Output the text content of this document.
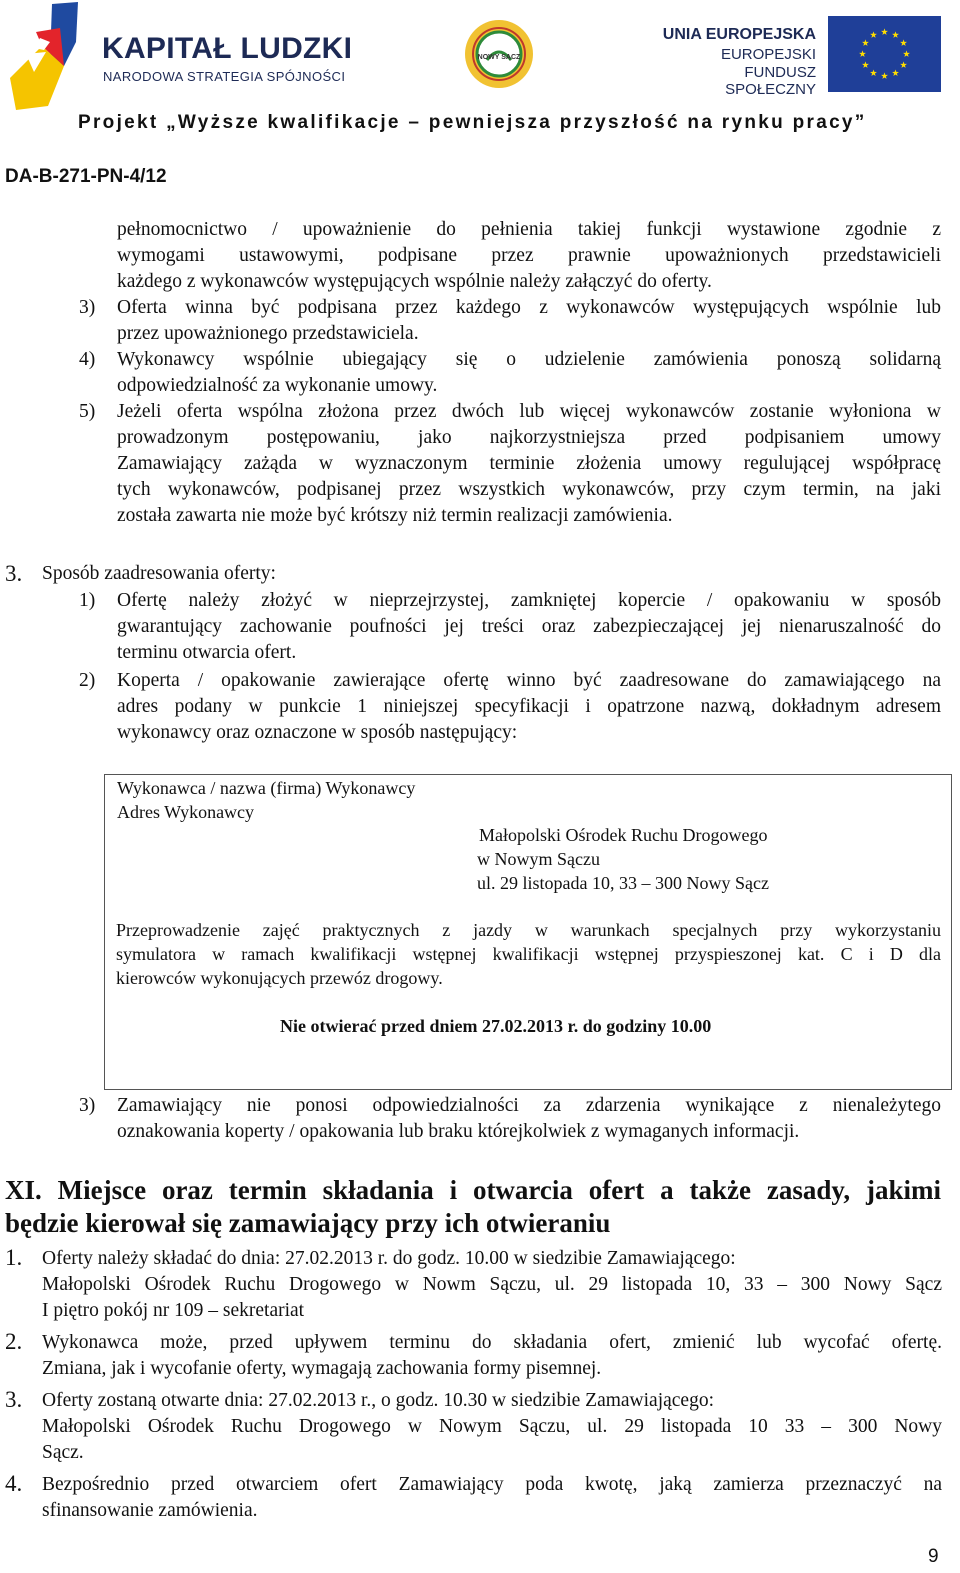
KAPITAŁ LUDZKI
NARODOWA STRATEGIA SPÓJNOŚCI
NOWY SĄCZ
UNIA EUROPEJSKA
EUROPEJSKI
FUNDUSZ SPOŁECZNY
Projekt „Wyższe kwalifikacje – pewniejsza przyszłość na rynku pracy”
DA-B-271-PN-4/12
pełnomocnictwo / upoważnienie do pełnienia takiej funkcji wystawione zgodnie z
wymogami ustawowymi, podpisane przez prawnie upoważnionych przedstawicieli
każdego z wykonawców występujących wspólnie należy załączyć do oferty.
3) Oferta winna być podpisana przez każdego z wykonawców występujących wspólnie lub
przez upoważnionego przedstawiciela.
4) Wykonawcy wspólnie ubiegający się o udzielenie zamówienia ponoszą solidarną
odpowiedzialność za wykonanie umowy.
5) Jeżeli oferta wspólna złożona przez dwóch lub więcej wykonawców zostanie wyłoniona w
prowadzonym postępowaniu, jako najkorzystniejsza przed podpisaniem umowy
Zamawiający zażąda w wyznaczonym terminie złożenia umowy regulującej współpracę
tych wykonawców, podpisanej przez wszystkich wykonawców, przy czym termin, na jaki
została zawarta nie może być krótszy niż termin realizacji zamówienia.
3. Sposób zaadresowania oferty:
1) Ofertę należy złożyć w nieprzejrzystej, zamkniętej kopercie / opakowaniu w sposób
gwarantujący zachowanie poufności jej treści oraz zabezpieczającej jej nienaruszalność do
terminu otwarcia ofert.
2) Koperta / opakowanie zawierające ofertę winno być zaadresowane do zamawiającego na
adres podany w punkcie 1 niniejszej specyfikacji i opatrzone nazwą, dokładnym adresem
wykonawcy oraz oznaczone w sposób następujący:
Wykonawca / nazwa (firma) Wykonawcy
Adres Wykonawcy
Małopolski Ośrodek Ruchu Drogowego
w Nowym Sączu
ul. 29 listopada 10, 33 – 300 Nowy Sącz
Przeprowadzenie zajęć praktycznych z jazdy w warunkach specjalnych przy wykorzystaniu
symulatora w ramach kwalifikacji wstępnej kwalifikacji wstępnej przyspieszonej kat. C i D dla
kierowców wykonujących przewóz drogowy.
Nie otwierać przed dniem 27.02.2013 r. do godziny 10.00
3) Zamawiający nie ponosi odpowiedzialności za zdarzenia wynikające z nienależytego
oznakowania koperty / opakowania lub braku którejkolwiek z wymaganych informacji.
XI. Miejsce oraz termin składania i otwarcia ofert a także zasady, jakimi
będzie kierował się zamawiający przy ich otwieraniu
1. Oferty należy składać do dnia: 27.02.2013 r. do godz. 10.00 w siedzibie Zamawiającego:
Małopolski Ośrodek Ruchu Drogowego w Nowm Sączu, ul. 29 listopada 10, 33 – 300 Nowy Sącz
I piętro pokój nr 109 – sekretariat
2. Wykonawca może, przed upływem terminu do składania ofert, zmienić lub wycofać ofertę.
Zmiana, jak i wycofanie oferty, wymagają zachowania formy pisemnej.
3. Oferty zostaną otwarte dnia: 27.02.2013 r., o godz. 10.30 w siedzibie Zamawiającego:
Małopolski Ośrodek Ruchu Drogowego w Nowym Sączu, ul. 29 listopada 10 33 – 300 Nowy
Sącz.
4. Bezpośrednio przed otwarciem ofert Zamawiający poda kwotę, jaką zamierza przeznaczyć na
sfinansowanie zamówienia.
9
